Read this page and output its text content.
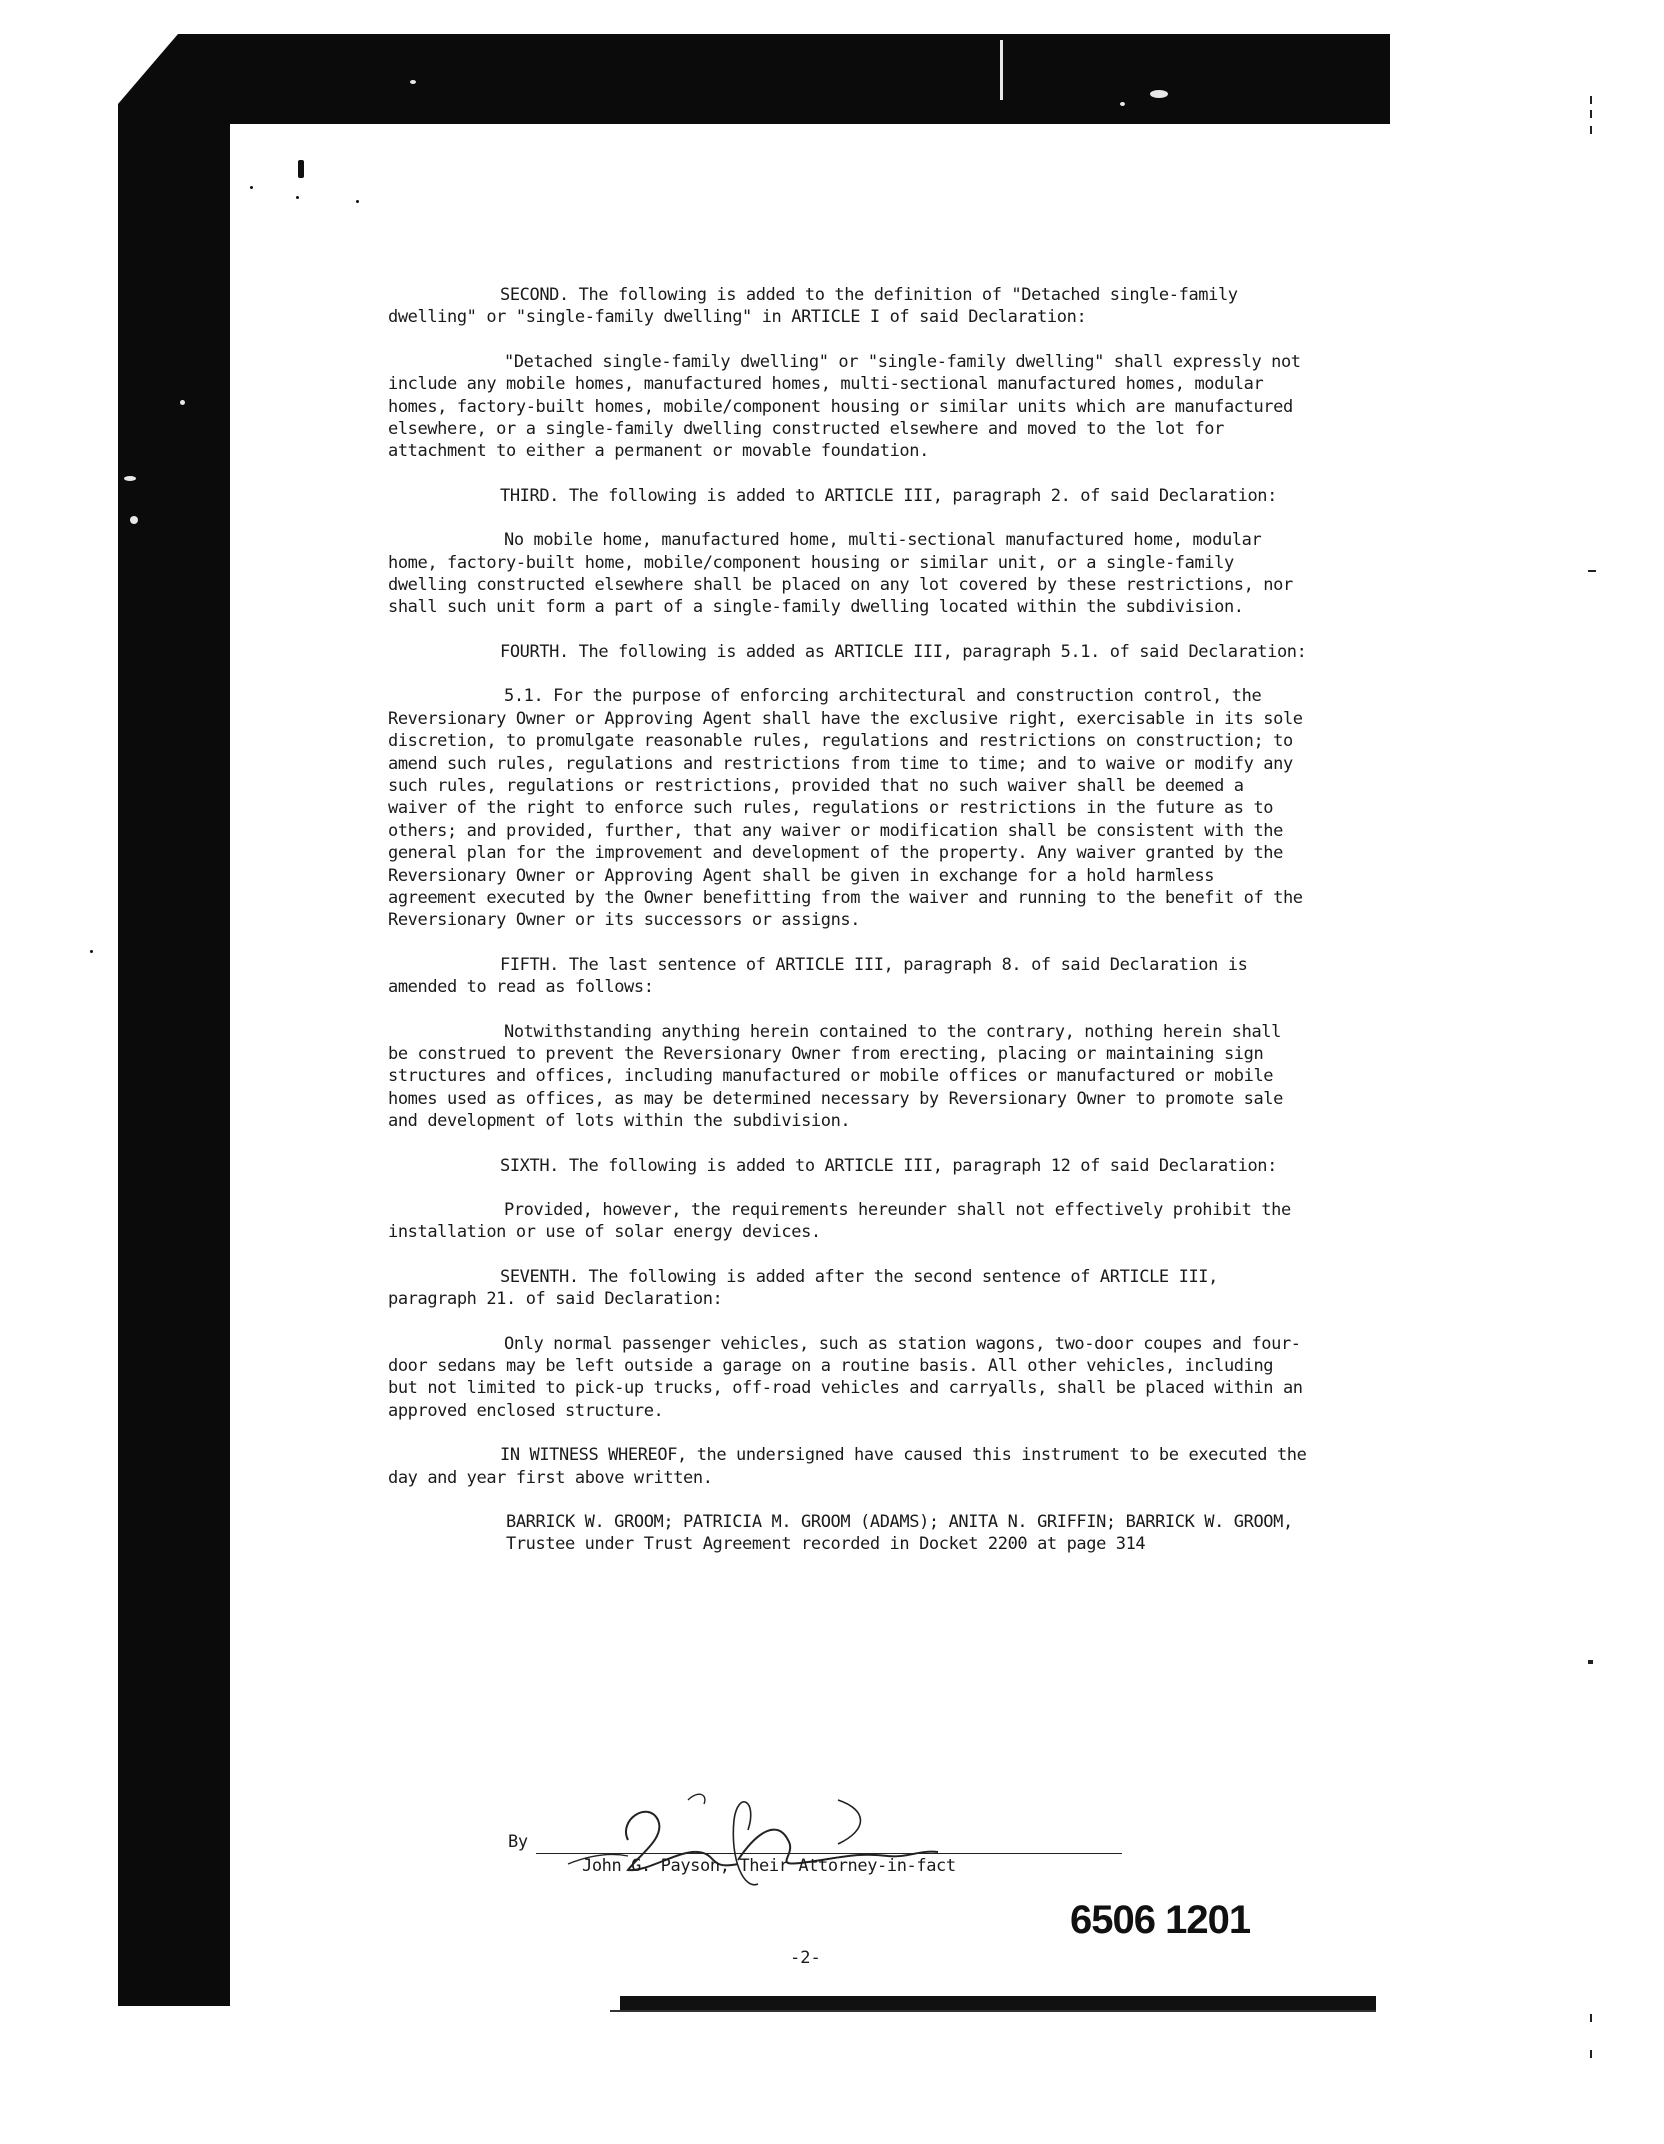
SECOND. The following is added to the definition of "Detached single-family dwelling" or "single-family dwelling" in ARTICLE I of said Declaration:

"Detached single-family dwelling" or "single-family dwelling" shall expressly not include any mobile homes, manufactured homes, multi-sectional manufactured homes, modular homes, factory-built homes, mobile/component housing or similar units which are manufactured elsewhere, or a single-family dwelling constructed elsewhere and moved to the lot for attachment to either a permanent or movable foundation.

THIRD. The following is added to ARTICLE III, paragraph 2. of said Declaration:

No mobile home, manufactured home, multi-sectional manufactured home, modular home, factory-built home, mobile/component housing or similar unit, or a single-family dwelling constructed elsewhere shall be placed on any lot covered by these restrictions, nor shall such unit form a part of a single-family dwelling located within the subdivision.

FOURTH. The following is added as ARTICLE III, paragraph 5.1. of said Declaration:

5.1. For the purpose of enforcing architectural and construction control, the Reversionary Owner or Approving Agent shall have the exclusive right, exercisable in its sole discretion, to promulgate reasonable rules, regulations and restrictions on construction; to amend such rules, regulations and restrictions from time to time; and to waive or modify any such rules, regulations or restrictions, provided that no such waiver shall be deemed a waiver of the right to enforce such rules, regulations or restrictions in the future as to others; and provided, further, that any waiver or modification shall be consistent with the general plan for the improvement and development of the property. Any waiver granted by the Reversionary Owner or Approving Agent shall be given in exchange for a hold harmless agreement executed by the Owner benefitting from the waiver and running to the benefit of the Reversionary Owner or its successors or assigns.

FIFTH. The last sentence of ARTICLE III, paragraph 8. of said Declaration is amended to read as follows:

Notwithstanding anything herein contained to the contrary, nothing herein shall be construed to prevent the Reversionary Owner from erecting, placing or maintaining sign structures and offices, including manufactured or mobile offices or manufactured or mobile homes used as offices, as may be determined necessary by Reversionary Owner to promote sale and development of lots within the subdivision.

SIXTH. The following is added to ARTICLE III, paragraph 12 of said Declaration:

Provided, however, the requirements hereunder shall not effectively prohibit the installation or use of solar energy devices.

SEVENTH. The following is added after the second sentence of ARTICLE III, paragraph 21. of said Declaration:

Only normal passenger vehicles, such as station wagons, two-door coupes and four-door sedans may be left outside a garage on a routine basis. All other vehicles, including but not limited to pick-up trucks, off-road vehicles and carryalls, shall be placed within an approved enclosed structure.

IN WITNESS WHEREOF, the undersigned have caused this instrument to be executed the day and year first above written.

BARRICK W. GROOM; PATRICIA M. GROOM (ADAMS); ANITA N. GRIFFIN; BARRICK W. GROOM, Trustee under Trust Agreement recorded in Docket 2200 at page 314

By
John G. Payson, Their Attorney-in-fact
6506 1201
-2-
